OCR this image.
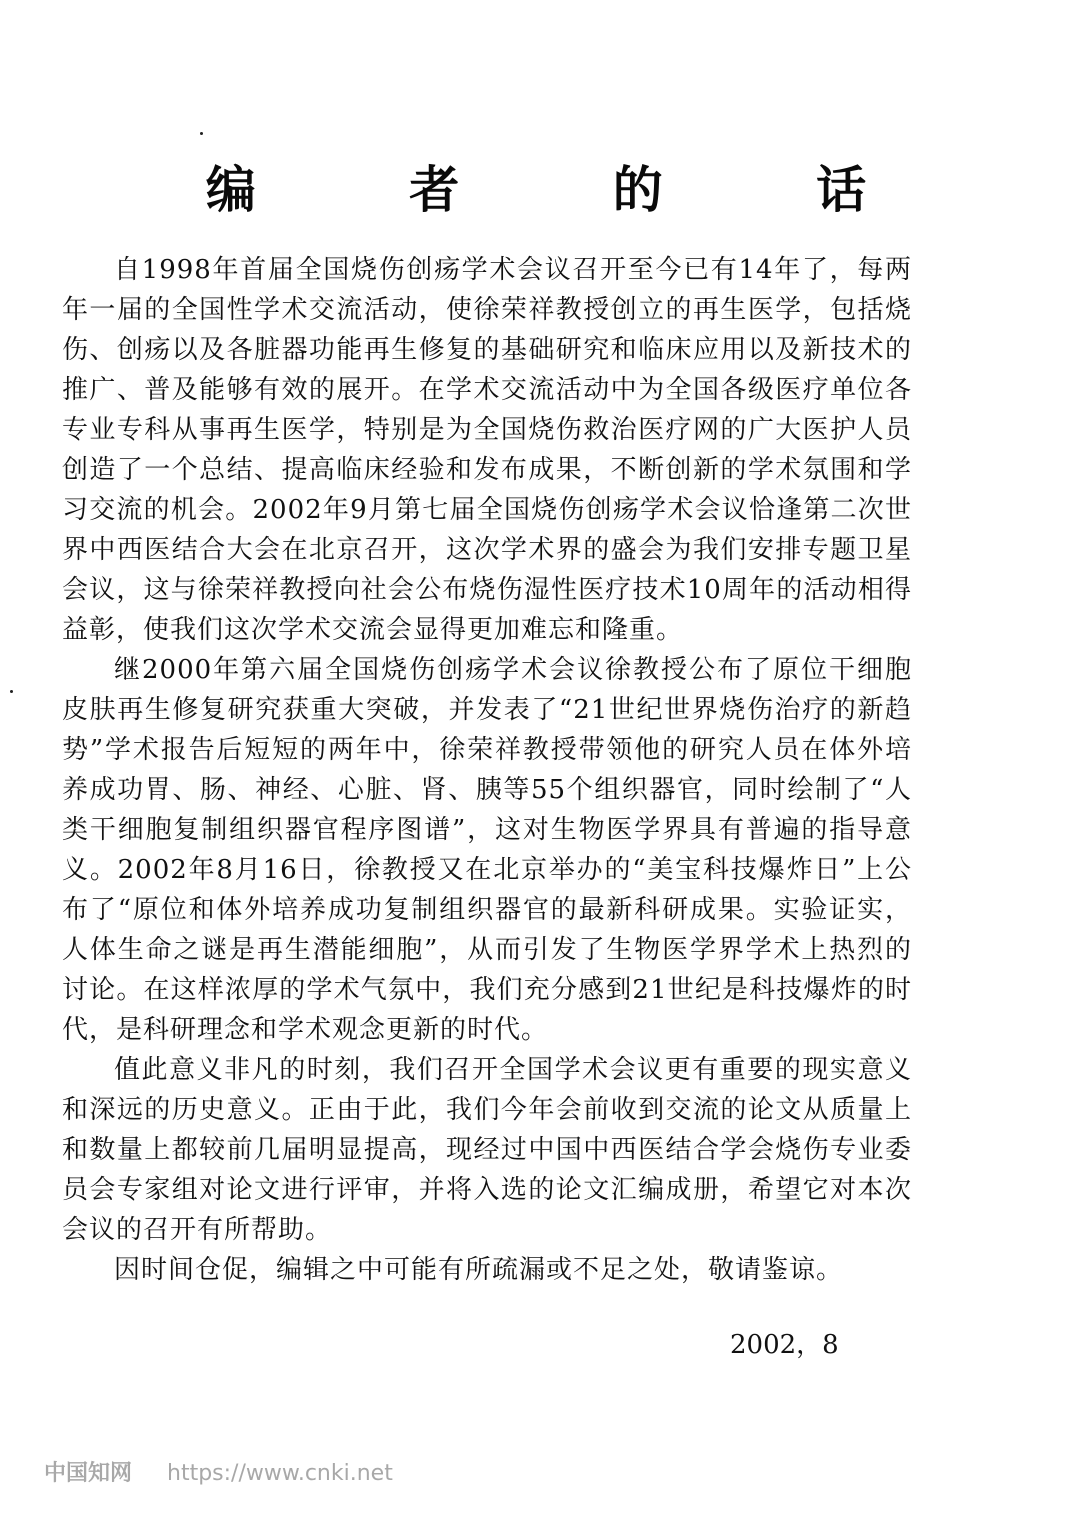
编 者 的 话

自1998年首届全国烧伤创疡学术会议召开至今已有14年了，每两年一届的全国性学术交流活动，使徐荣祥教授创立的再生医学，包括烧伤、创疡以及各脏器功能再生修复的基础研究和临床应用以及新技术的推广、普及能够有效的展开。在学术交流活动中为全国各级医疗单位各专业专科从事再生医学，特别是为全国烧伤救治医疗网的广大医护人员创造了一个总结、提高临床经验和发布成果，不断创新的学术氛围和学习交流的机会。2002年9月第七届全国烧伤创疡学术会议恰逢第二次世界中西医结合大会在北京召开，这次学术界的盛会为我们安排专题卫星会议，这与徐荣祥教授向社会公布烧伤湿性医疗技术10周年的活动相得益彰，使我们这次学术交流会显得更加难忘和隆重。

继2000年第六届全国烧伤创疡学术会议徐教授公布了原位干细胞皮肤再生修复研究获重大突破，并发表了“21世纪世界烧伤治疗的新趋势”学术报告后短短的两年中，徐荣祥教授带领他的研究人员在体外培养成功胃、肠、神经、心脏、肾、胰等55个组织器官，同时绘制了“人类干细胞复制组织器官程序图谱”，这对生物医学界具有普遍的指导意义。2002年8月16日，徐教授又在北京举办的“美宝科技爆炸日”上公布了“原位和体外培养成功复制组织器官的最新科研成果。实验证实，人体生命之谜是再生潜能细胞”，从而引发了生物医学界学术上热烈的讨论。在这样浓厚的学术气氛中，我们充分感到21世纪是科技爆炸的时代，是科研理念和学术观念更新的时代。

值此意义非凡的时刻，我们召开全国学术会议更有重要的现实意义和深远的历史意义。正由于此，我们今年会前收到交流的论文从质量上和数量上都较前几届明显提高，现经过中国中西医结合学会烧伤专业委员会专家组对论文进行评审，并将入选的论文汇编成册，希望它对本次会议的召开有所帮助。

因时间仓促，编辑之中可能有所疏漏或不足之处，敬请鉴谅。

2002，8
中国知网 https://www.cnki.net
